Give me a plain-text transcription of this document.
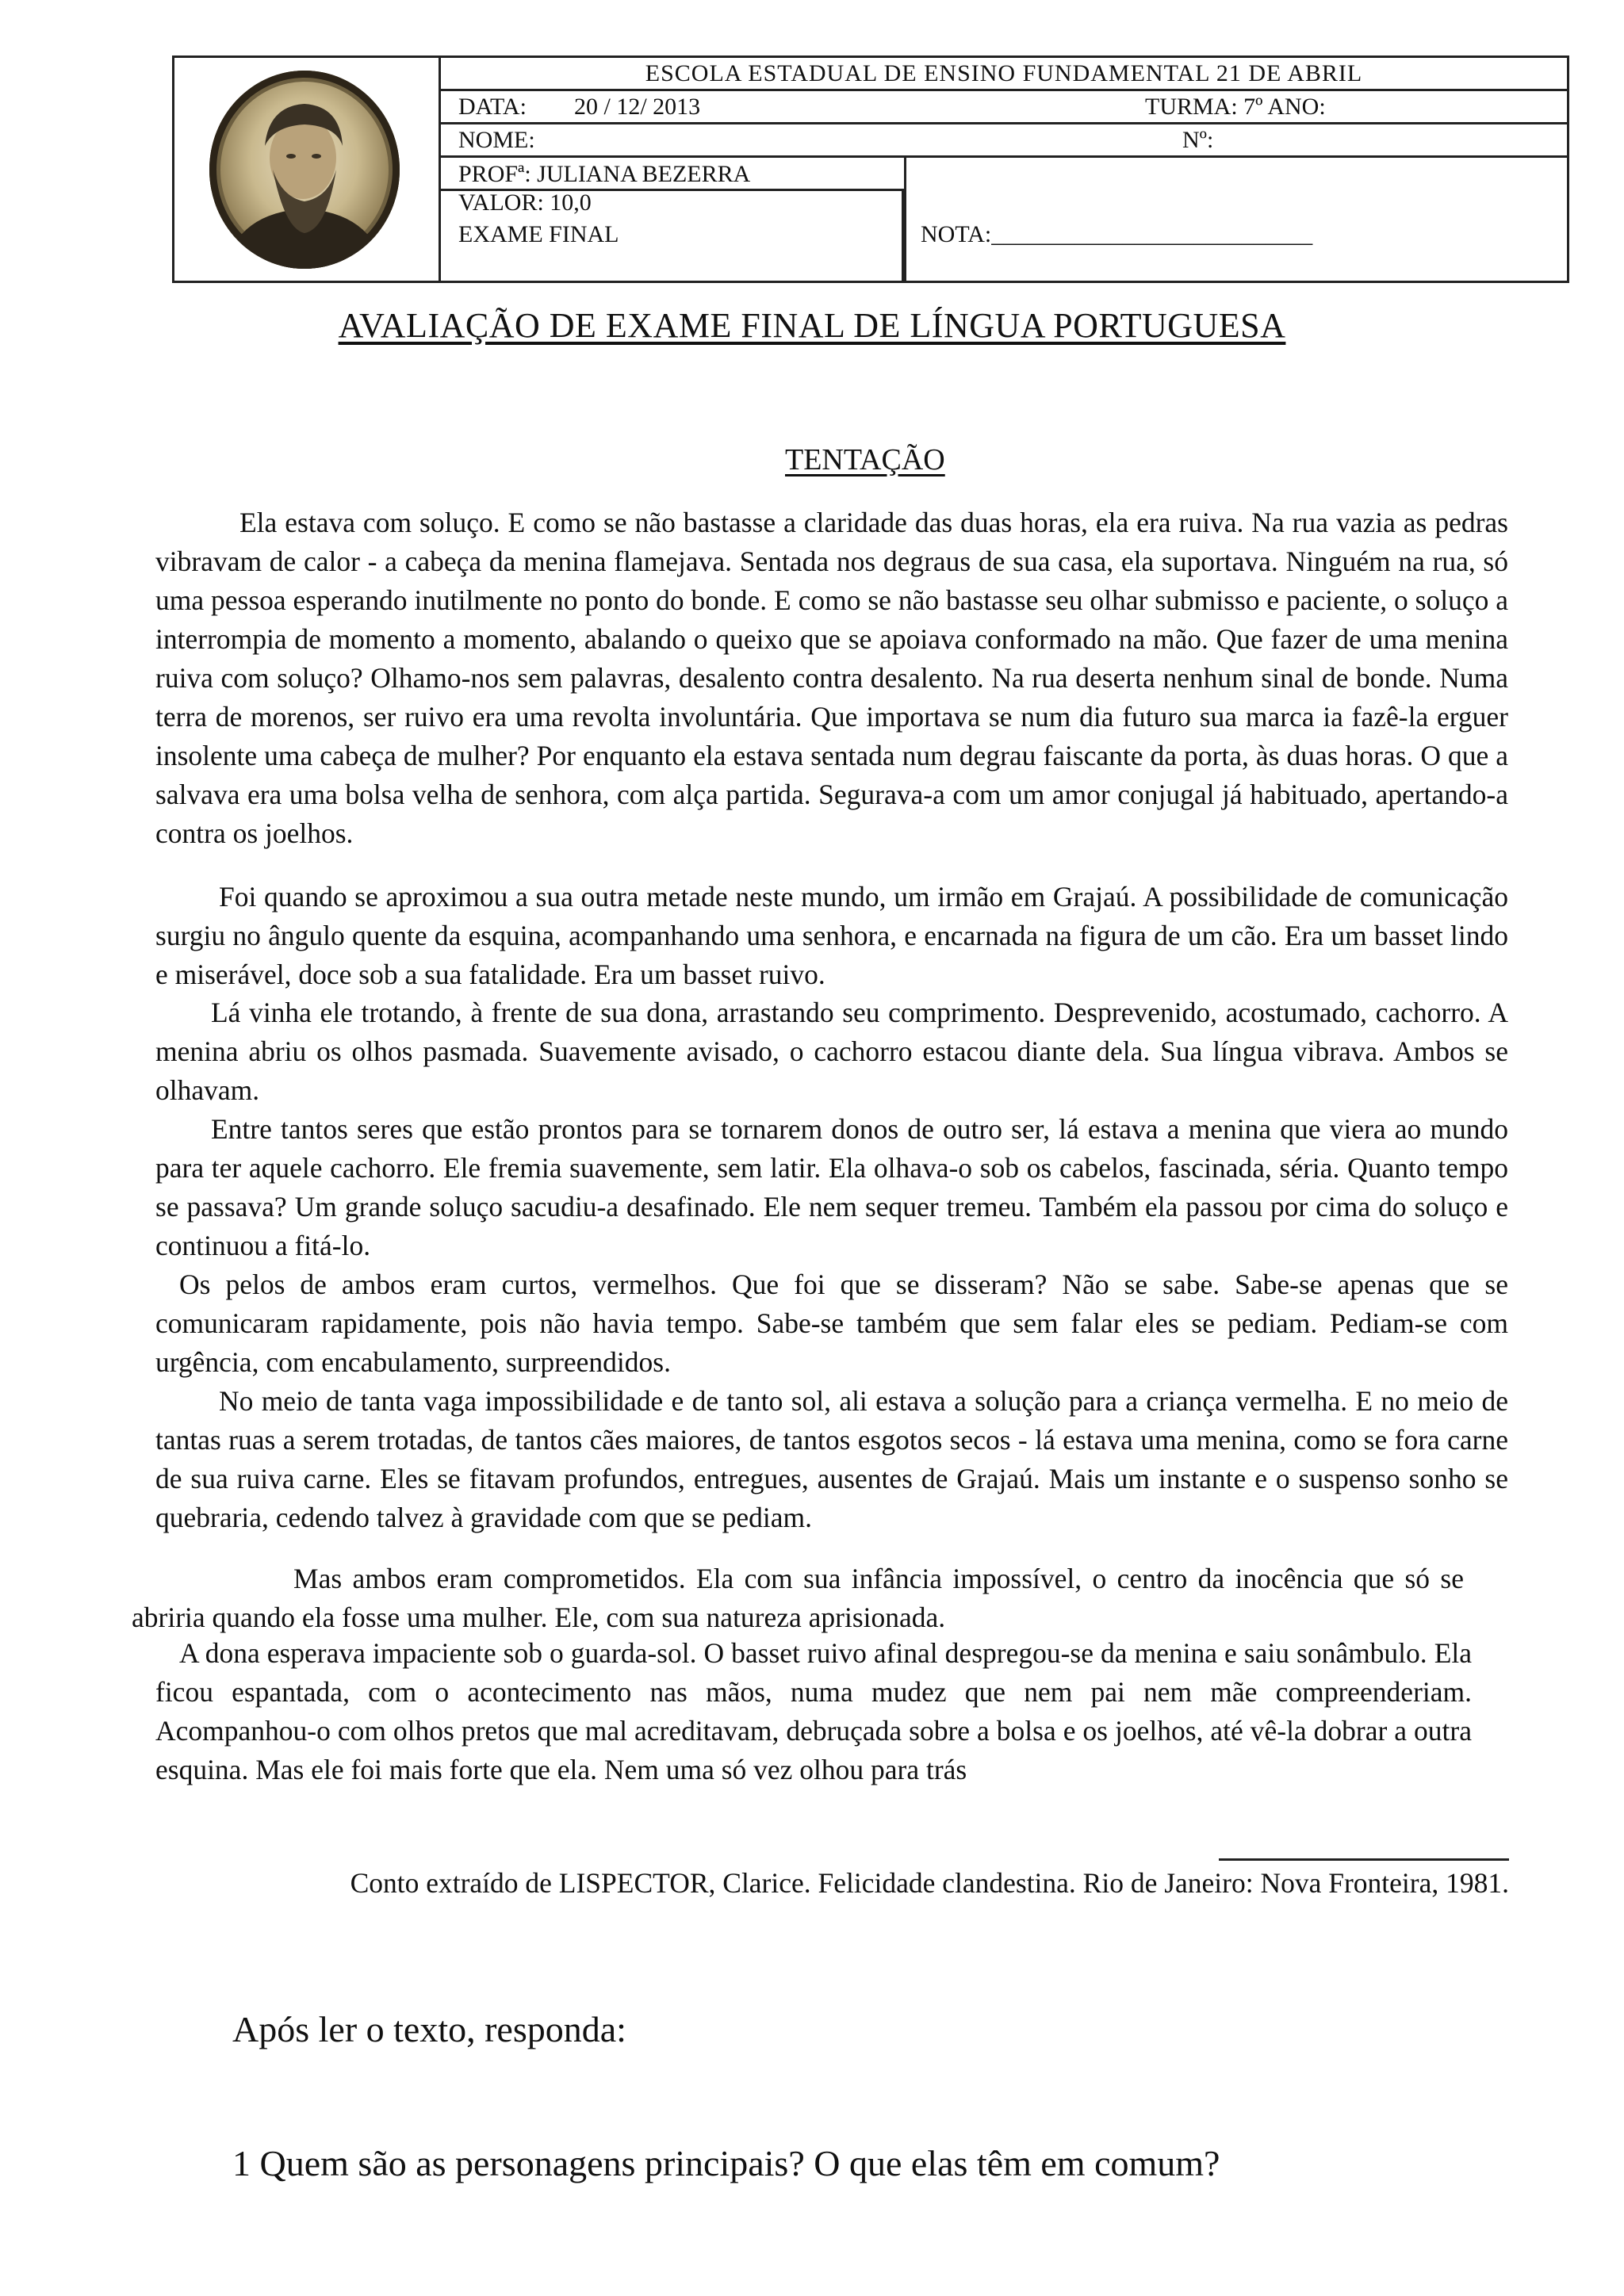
ESCOLA ESTADUAL DE ENSINO FUNDAMENTAL 21 DE ABRIL
DATA: 20 / 12/ 2013	TURMA: 7º ANO:
NOME:	Nº:
PROFª: JULIANA BEZERRA
VALOR: 10,0
EXAME FINAL	NOTA:___________________________
AVALIAÇÃO DE EXAME FINAL DE LÍNGUA PORTUGUESA
TENTAÇÃO

Ela estava com soluço. E como se não bastasse a claridade das duas horas, ela era ruiva. Na rua vazia as pedras vibravam de calor - a cabeça da menina flamejava. Sentada nos degraus de sua casa, ela suportava. Ninguém na rua, só uma pessoa esperando inutilmente no ponto do bonde. E como se não bastasse seu olhar submisso e paciente, o soluço a interrompia de momento a momento, abalando o queixo que se apoiava conformado na mão. Que fazer de uma menina ruiva com soluço? Olhamo-nos sem palavras, desalento contra desalento. Na rua deserta nenhum sinal de bonde. Numa terra de morenos, ser ruivo era uma revolta involuntária. Que importava se num dia futuro sua marca ia fazê-la erguer insolente uma cabeça de mulher? Por enquanto ela estava sentada num degrau faiscante da porta, às duas horas. O que a salvava era uma bolsa velha de senhora, com alça partida. Segurava-a com um amor conjugal já habituado, apertando-a contra os joelhos.

Foi quando se aproximou a sua outra metade neste mundo, um irmão em Grajaú. A possibilidade de comunicação surgiu no ângulo quente da esquina, acompanhando uma senhora, e encarnada na figura de um cão. Era um basset lindo e miserável, doce sob a sua fatalidade. Era um basset ruivo.

Lá vinha ele trotando, à frente de sua dona, arrastando seu comprimento. Desprevenido, acostumado, cachorro. A menina abriu os olhos pasmada. Suavemente avisado, o cachorro estacou diante dela. Sua língua vibrava. Ambos se olhavam.

Entre tantos seres que estão prontos para se tornarem donos de outro ser, lá estava a menina que viera ao mundo para ter aquele cachorro. Ele fremia suavemente, sem latir. Ela olhava-o sob os cabelos, fascinada, séria. Quanto tempo se passava? Um grande soluço sacudiu-a desafinado. Ele nem sequer tremeu. Também ela passou por cima do soluço e continuou a fitá-lo.

Os pelos de ambos eram curtos, vermelhos. Que foi que se disseram? Não se sabe. Sabe-se apenas que se comunicaram rapidamente, pois não havia tempo. Sabe-se também que sem falar eles se pediam. Pediam-se com urgência, com encabulamento, surpreendidos.

No meio de tanta vaga impossibilidade e de tanto sol, ali estava a solução para a criança vermelha. E no meio de tantas ruas a serem trotadas, de tantos cães maiores, de tantos esgotos secos - lá estava uma menina, como se fora carne de sua ruiva carne. Eles se fitavam profundos, entregues, ausentes de Grajaú. Mais um instante e o suspenso sonho se quebraria, cedendo talvez à gravidade com que se pediam.

Mas ambos eram comprometidos. Ela com sua infância impossível, o centro da inocência que só se abriria quando ela fosse uma mulher. Ele, com sua natureza aprisionada.

A dona esperava impaciente sob o guarda-sol. O basset ruivo afinal despregou-se da menina e saiu sonâmbulo. Ela ficou espantada, com o acontecimento nas mãos, numa mudez que nem pai nem mãe compreenderiam. Acompanhou-o com olhos pretos que mal acreditavam, debruçada sobre a bolsa e os joelhos, até vê-la dobrar a outra esquina. Mas ele foi mais forte que ela. Nem uma só vez olhou para trás

Conto extraído de LISPECTOR, Clarice. Felicidade clandestina. Rio de Janeiro: Nova Fronteira, 1981.
Após ler o texto, responda:
1 Quem são as personagens principais? O que elas têm em comum?
